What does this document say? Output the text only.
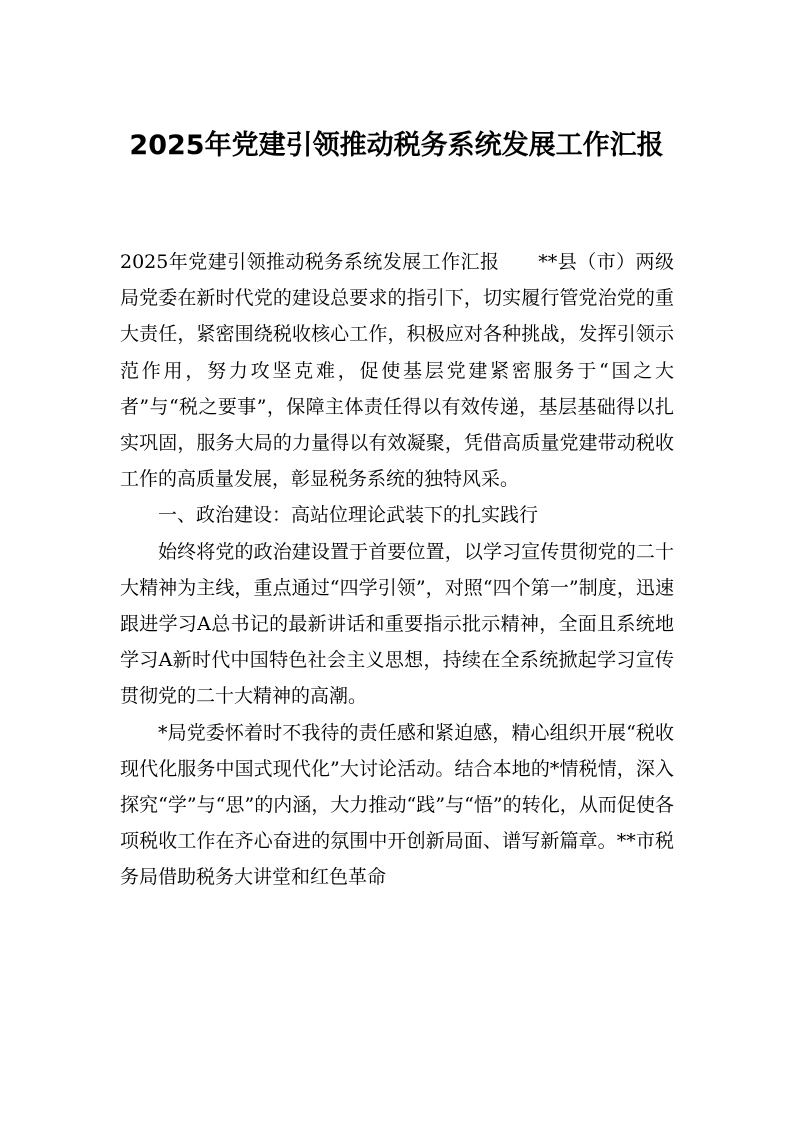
2025年党建引领推动税务系统发展工作汇报

2025年党建引领推动税务系统发展工作汇报　　**县（市）两级局党委在新时代党的建设总要求的指引下，切实履行管党治党的重大责任，紧密围绕税收核心工作，积极应对各种挑战，发挥引领示范作用，努力攻坚克难，促使基层党建紧密服务于“国之大者”与“税之要事”，保障主体责任得以有效传递，基层基础得以扎实巩固，服务大局的力量得以有效凝聚，凭借高质量党建带动税收工作的高质量发展，彰显税务系统的独特风采。

一、政治建设：高站位理论武装下的扎实践行

始终将党的政治建设置于首要位置，以学习宣传贯彻党的二十大精神为主线，重点通过“四学引领”，对照“四个第一”制度，迅速跟进学习A总书记的最新讲话和重要指示批示精神，全面且系统地学习A新时代中国特色社会主义思想，持续在全系统掀起学习宣传贯彻党的二十大精神的高潮。

*局党委怀着时不我待的责任感和紧迫感，精心组织开展“税收现代化服务中国式现代化”大讨论活动。结合本地的*情税情，深入探究“学”与“思”的内涵，大力推动“践”与“悟”的转化，从而促使各项税收工作在齐心奋进的氛围中开创新局面、谱写新篇章。**市税务局借助税务大讲堂和红色革命
